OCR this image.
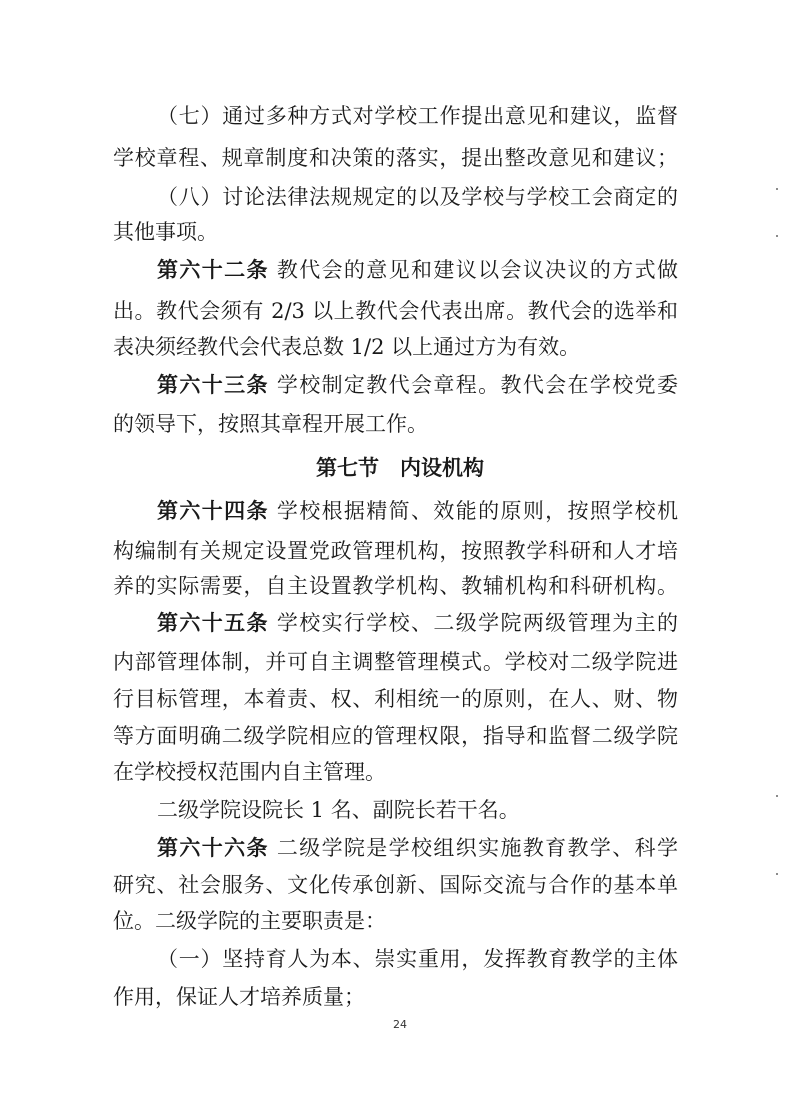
（七）通过多种方式对学校工作提出意见和建议，监督
学校章程、规章制度和决策的落实，提出整改意见和建议；
（八）讨论法律法规规定的以及学校与学校工会商定的
其他事项。
第六十二条 教代会的意见和建议以会议决议的方式做
出。教代会须有 2/3 以上教代会代表出席。教代会的选举和
表决须经教代会代表总数 1/2 以上通过方为有效。
第六十三条 学校制定教代会章程。教代会在学校党委
的领导下，按照其章程开展工作。
第七节　内设机构
第六十四条 学校根据精简、效能的原则，按照学校机
构编制有关规定设置党政管理机构，按照教学科研和人才培
养的实际需要，自主设置教学机构、教辅机构和科研机构。
第六十五条 学校实行学校、二级学院两级管理为主的
内部管理体制，并可自主调整管理模式。学校对二级学院进
行目标管理，本着责、权、利相统一的原则，在人、财、物
等方面明确二级学院相应的管理权限，指导和监督二级学院
在学校授权范围内自主管理。
二级学院设院长 1 名、副院长若干名。
第六十六条 二级学院是学校组织实施教育教学、科学
研究、社会服务、文化传承创新、国际交流与合作的基本单
位。二级学院的主要职责是：
（一）坚持育人为本、崇实重用，发挥教育教学的主体
作用，保证人才培养质量；
24
